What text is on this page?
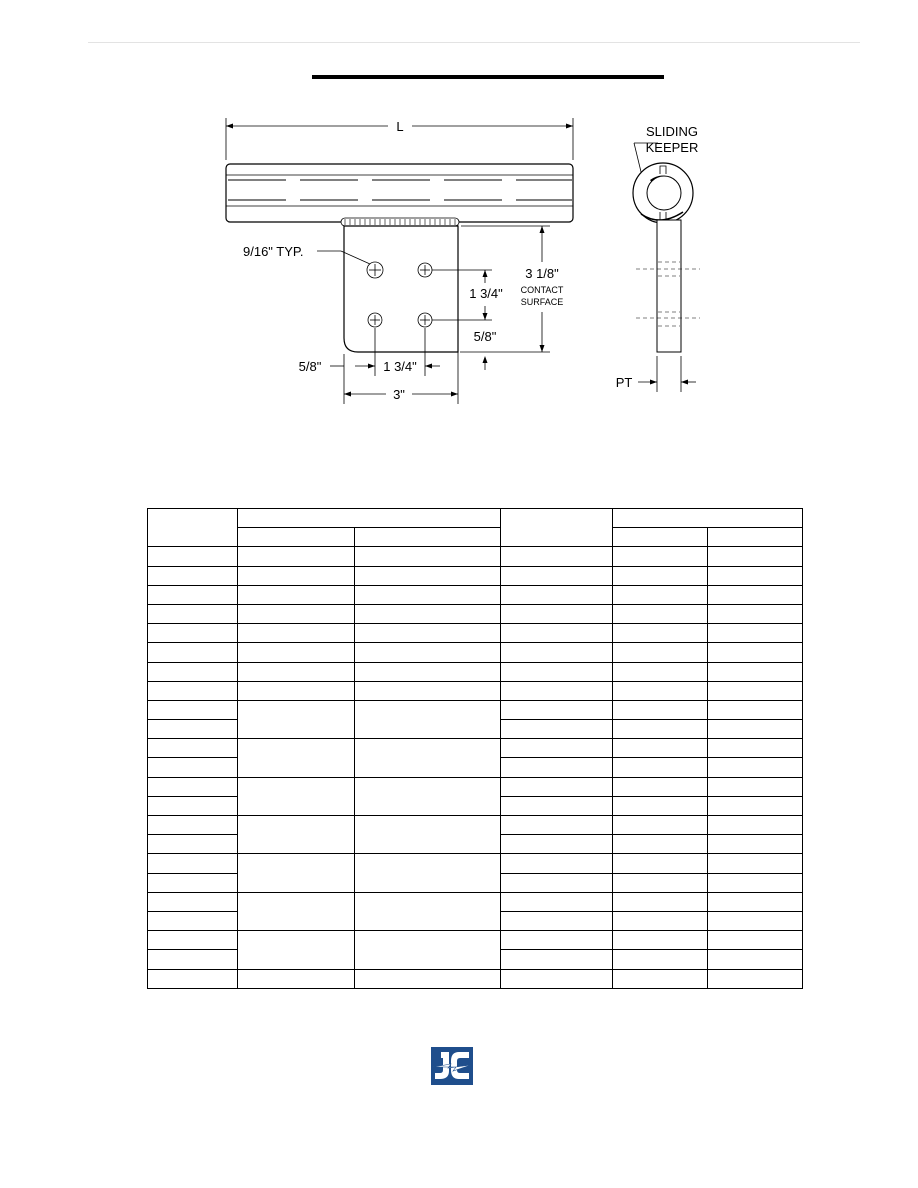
L
9/16" TYP.
1 3/4"
3 1/8"
CONTACT
SURFACE
5/8"
5/8"	1 3/4"
3"
SLIDING
KEEPER
PT
